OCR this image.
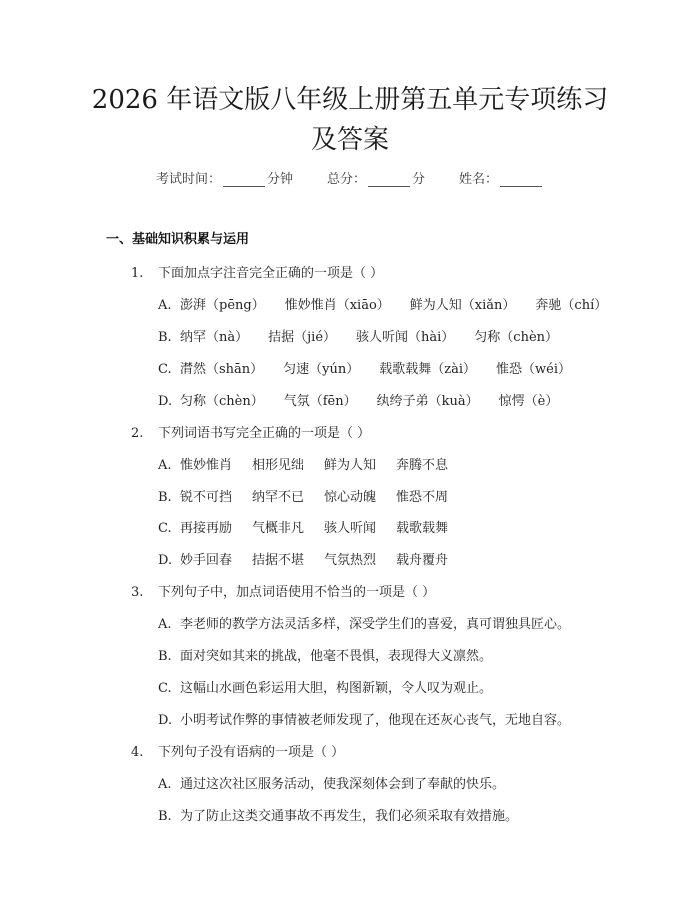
2026 年语文版八年级上册第五单元专项练习
及答案
考试时间：	分钟	总分：	分	姓名：
一、基础知识积累与运用
1. 下面加点字注音完全正确的一项是（ ）
A. 澎湃（pēng） 惟妙惟肖（xiāo） 鲜为人知（xiǎn） 奔驰（chí）
B. 纳罕（nà） 拮据（jié） 骇人听闻（hài） 匀称（chèn）
C. 潸然（shān） 匀速（yún） 载歌载舞（zài） 惟恐（wéi）
D. 匀称（chèn） 气氛（fēn） 纨绔子弟（kuà） 惊愕（è）
2. 下列词语书写完全正确的一项是（ ）
A. 惟妙惟肖 相形见绌 鲜为人知 奔腾不息
B. 锐不可挡 纳罕不已 惊心动魄 惟恐不周
C. 再接再励 气概非凡 骇人听闻 载歌载舞
D. 妙手回春 拮据不堪 气氛热烈 载舟覆舟
3. 下列句子中，加点词语使用不恰当的一项是（ ）
A. 李老师的教学方法灵活多样，深受学生们的喜爱，真可谓独具匠心。
B. 面对突如其来的挑战，他毫不畏惧，表现得大义凛然。
C. 这幅山水画色彩运用大胆，构图新颖，令人叹为观止。
D. 小明考试作弊的事情被老师发现了，他现在还灰心丧气，无地自容。
4. 下列句子没有语病的一项是（ ）
A. 通过这次社区服务活动，使我深刻体会到了奉献的快乐。
B. 为了防止这类交通事故不再发生，我们必须采取有效措施。
